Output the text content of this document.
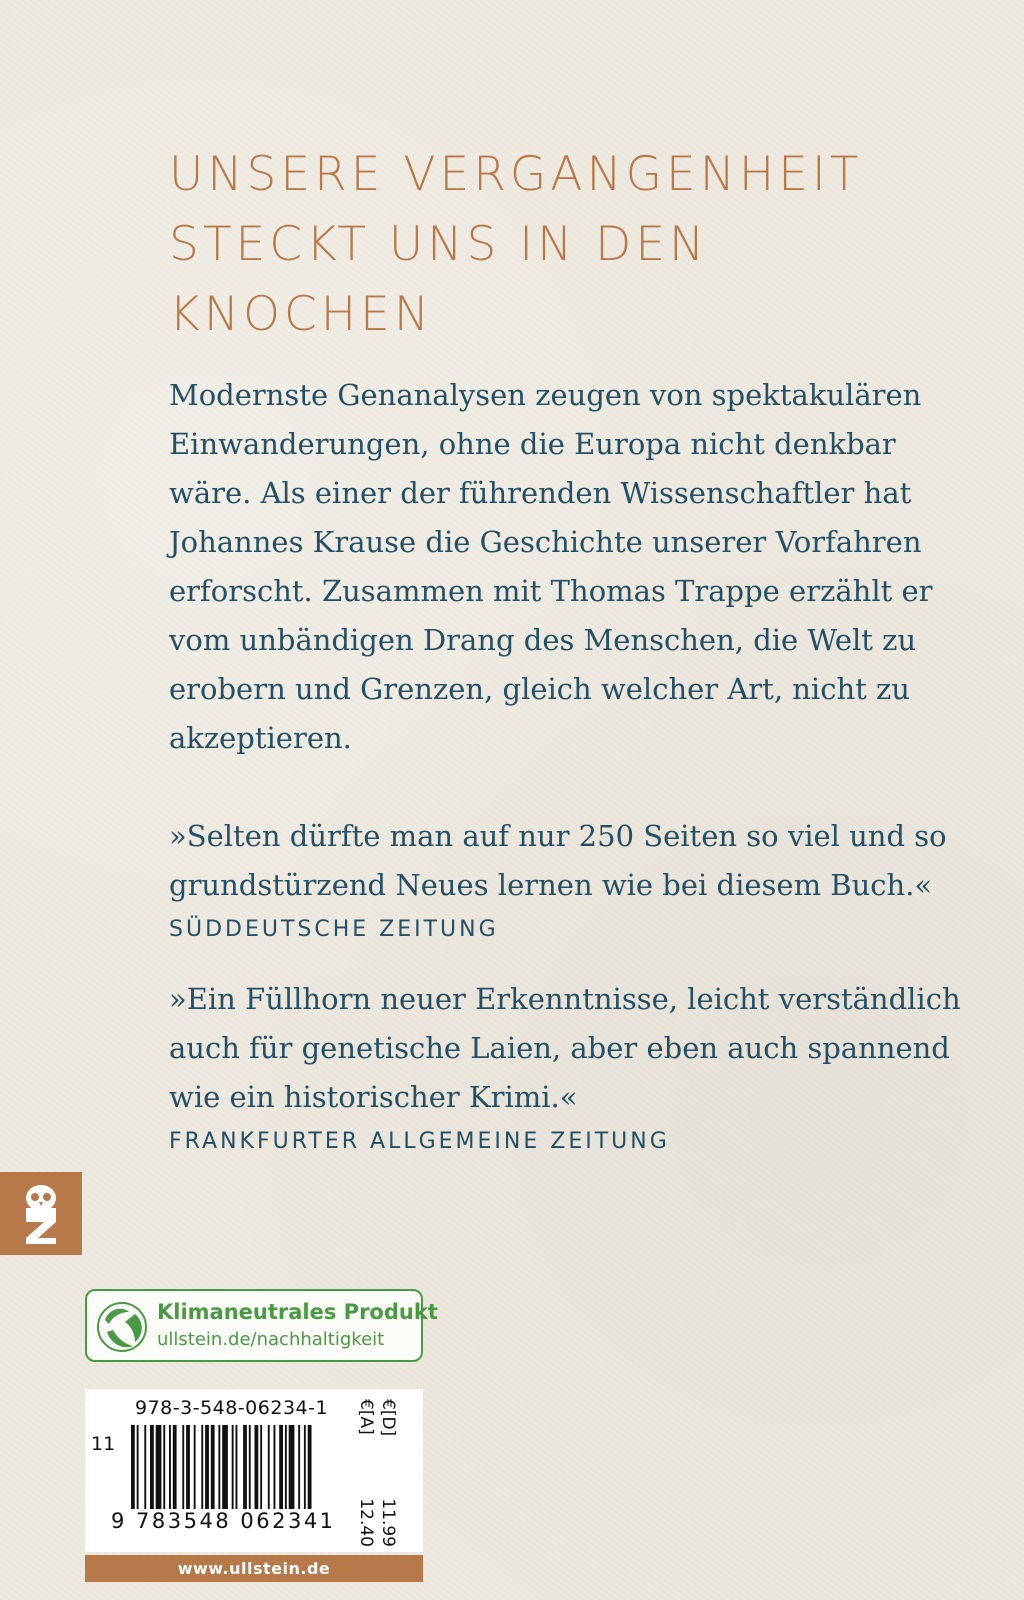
UNSERE VERGANGENHEIT
STECKT UNS IN DEN
KNOCHEN
Modernste Genanalysen zeugen von spektakulären
Einwanderungen, ohne die Europa nicht denkbar
wäre. Als einer der führenden Wissenschaftler hat
Johannes Krause die Geschichte unserer Vorfahren
erforscht. Zusammen mit Thomas Trappe erzählt er
vom unbändigen Drang des Menschen, die Welt zu
erobern und Grenzen, gleich welcher Art, nicht zu
akzeptieren.
»Selten dürfte man auf nur 250 Seiten so viel und so
grundstürzend Neues lernen wie bei diesem Buch.«
SÜDDEUTSCHE ZEITUNG
»Ein Füllhorn neuer Erkenntnisse, leicht verständlich
auch für genetische Laien, aber eben auch spannend
wie ein historischer Krimi.«
FRANKFURTER ALLGEMEINE ZEITUNG
Klimaneutrales Produkt
ullstein.de/nachhaltigkeit
978-3-548-06234-1
11
9 783548 062341
€[D]
11.99
€[A]
12.40
www.ullstein.de
